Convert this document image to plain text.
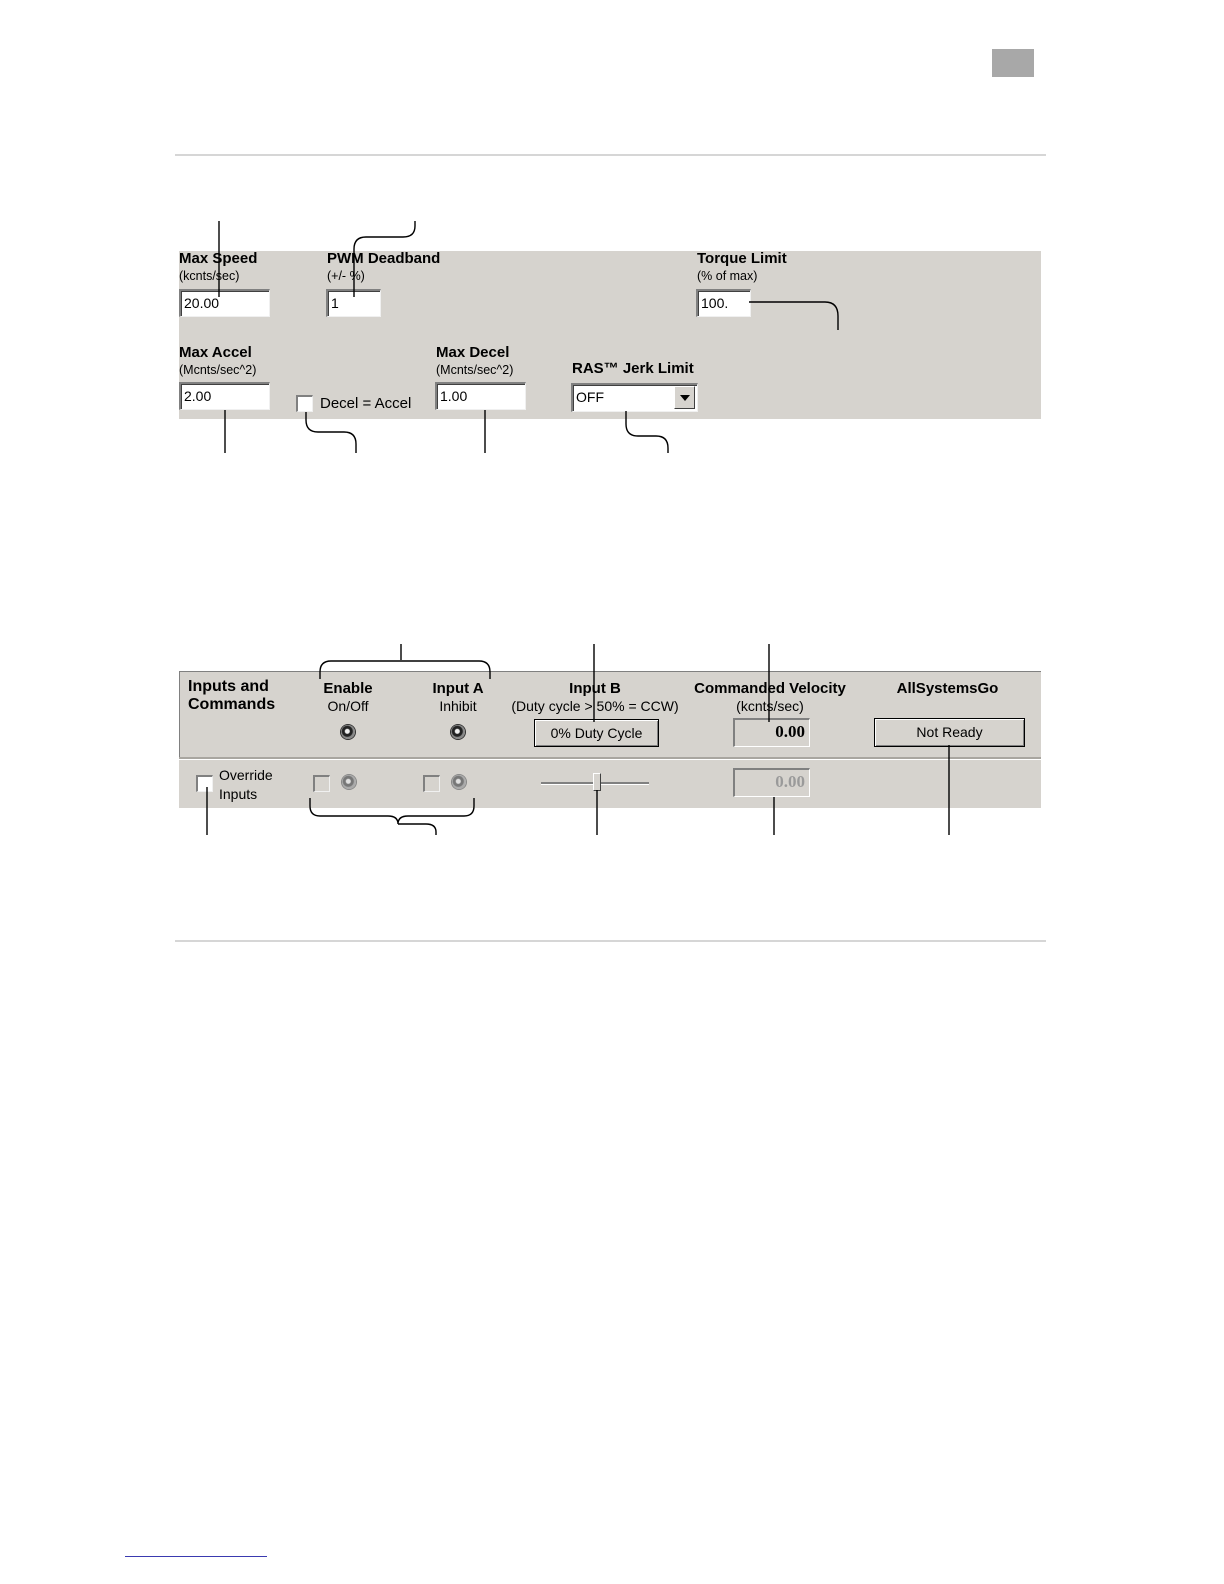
Max Speed
(kcnts/sec)
20.00
PWM Deadband
(+/- %)
1
Torque Limit
(% of max)
100.
Max Accel
(Mcnts/sec^2)
2.00	Decel = Accel
Max Decel
(Mcnts/sec^2)
1.00
RAS™ Jerk Limit
OFF
Inputs and
Commands
Enable
On/Off
Input A
Inhibit
Input B
(Duty cycle > 50% = CCW)
0% Duty Cycle
Commanded Velocity
(kcnts/sec)
0.00
AllSystemsGo
Not Ready
Override
Inputs
0.00
